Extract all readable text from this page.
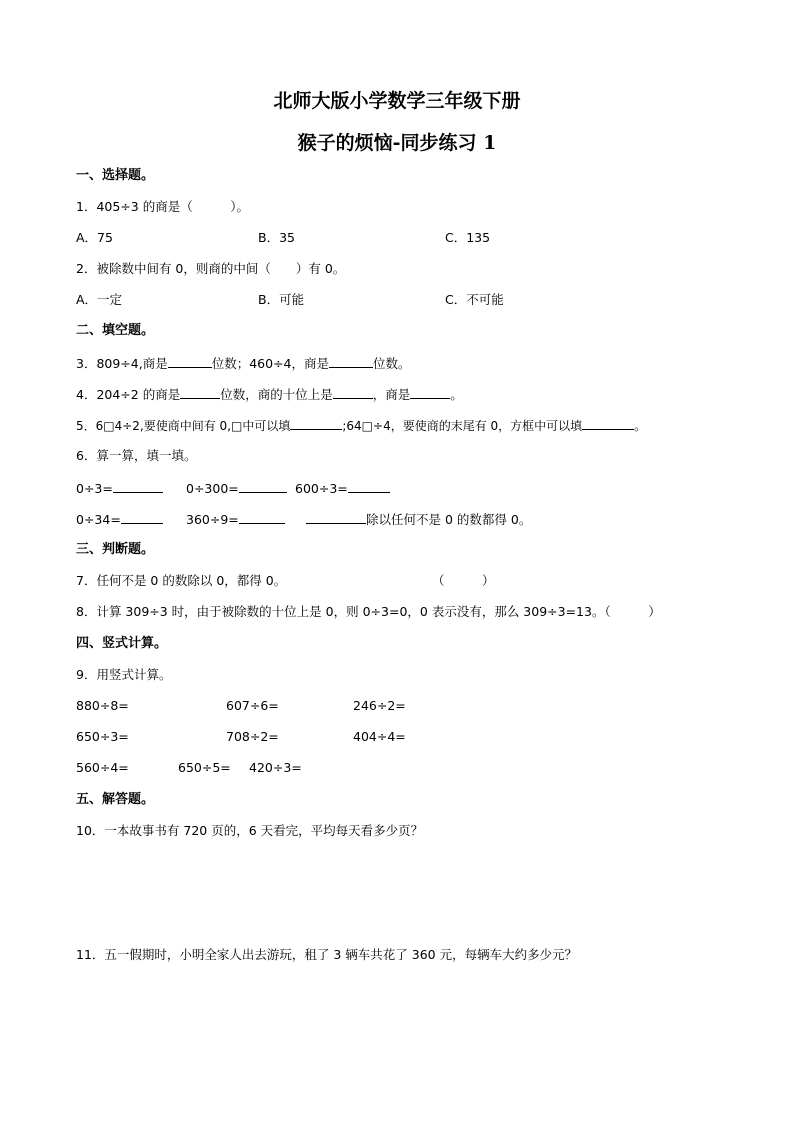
北师大版小学数学三年级下册
猴子的烦恼-同步练习 1
一、选择题。
1．405÷3 的商是（　　　）。
A．75	B．35	C．135
2．被除数中间有 0，则商的中间（　　）有 0。
A．一定	B．可能	C．不可能
二、填空题。
3．809÷4,商是	位数；460÷4，商是	位数。
4．204÷2 的商是	位数，商的十位上是	，商是	。
5．6□4÷2,要使商中间有 0,□中可以填	;64□÷4，要使商的末尾有 0，方框中可以填	。
6．算一算，填一填。
0÷3=	0÷300=	600÷3=
0÷34=	360÷9=	除以任何不是 0 的数都得 0。
三、判断题。
7．任何不是 0 的数除以 0，都得 0。	（　　　）
8．计算 309÷3 时，由于被除数的十位上是 0，则 0÷3=0，0 表示没有，那么 309÷3=13。（　　　）
四、竖式计算。
9．用竖式计算。
880÷8=	607÷6=	246÷2=
650÷3=	708÷2=	404÷4=
560÷4=	650÷5= 420÷3=
五、解答题。
10．一本故事书有 720 页的，6 天看完，平均每天看多少页？
11．五一假期时，小明全家人出去游玩，租了 3 辆车共花了 360 元，每辆车大约多少元？
